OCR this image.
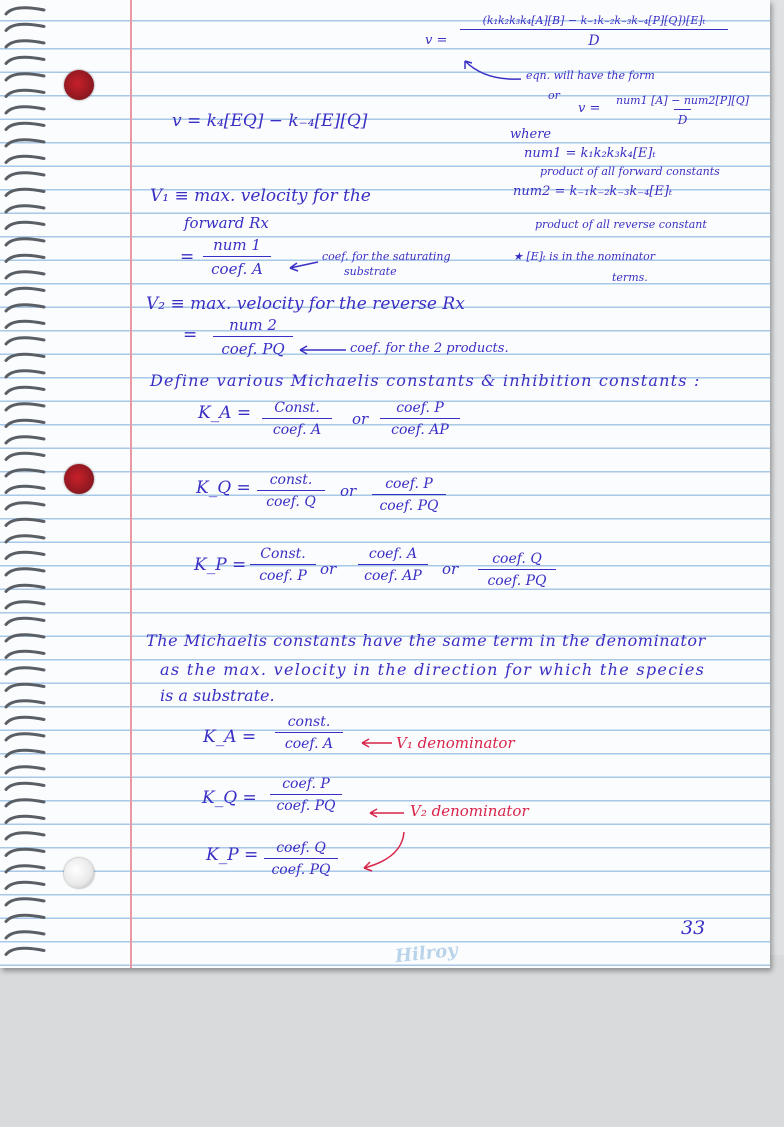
v =
(k₁k₂k₃k₄[A][B] − k₋₁k₋₂k₋₃k₋₄[P][Q])[E]ₜ
D
eqn. will have the form
or
v =
num1 [A] − num2[P][Q]
D
where
num1 = k₁k₂k₃k₄[E]ₜ
product of all forward constants
num2 = k₋₁k₋₂k₋₃k₋₄[E]ₜ
product of all reverse constant
★ [E]ₜ is in the nominator
terms.
v = k₄[EQ] − k₋₄[E][Q]
V₁ ≡ max. velocity for the
forward Rx
=
num 1
coef. A
coef. for the saturating
substrate
V₂ ≡ max. velocity for the reverse Rx
= num 2
coef. PQ	coef. for the 2 products.
Define various Michaelis constants & inhibition constants :
K_A = Const.
coef. A
or
coef. P
coef. AP
K_Q = const.
coef. Q
or coef. P
coef. PQ
K_P =
Const.
coef. P or
coef. A
coef. AP	or
coef. Q
coef. PQ
The Michaelis constants have the same term in the denominator
as the max. velocity in the direction for which the species
is a substrate.
K_A =
const.
coef. A	V₁ denominator
K_Q =
coef. P
coef. PQ	V₂ denominator
K_P = coef. Q
coef. PQ
33
Hilroy
